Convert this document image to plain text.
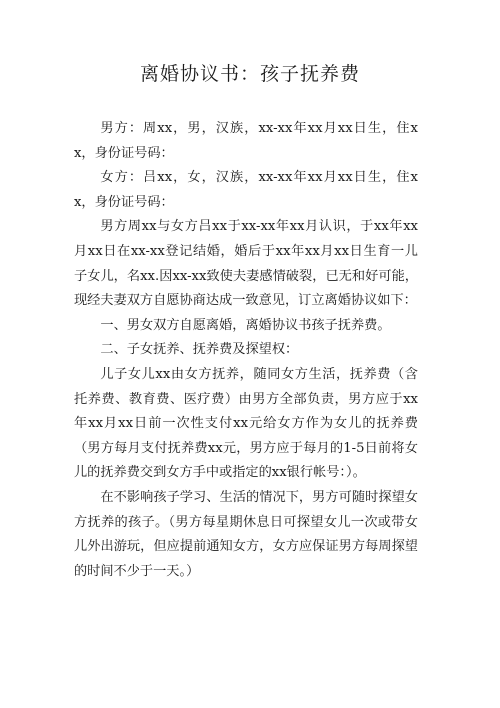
离婚协议书：孩子抚养费

男方：周xx，男，汉族，xx-xx年xx月xx日生，住xx，身份证号码：

女方：吕xx，女，汉族，xx-xx年xx月xx日生，住xx，身份证号码：

男方周xx与女方吕xx于xx-xx年xx月认识，于xx年xx月xx日在xx-xx登记结婚，婚后于xx年xx月xx日生育一儿子女儿，名xx.因xx-xx致使夫妻感情破裂，已无和好可能，现经夫妻双方自愿协商达成一致意见，订立离婚协议如下：

一、男女双方自愿离婚，离婚协议书孩子抚养费。

二、子女抚养、抚养费及探望权：

儿子女儿xx由女方抚养，随同女方生活，抚养费（含托养费、教育费、医疗费）由男方全部负责，男方应于xx年xx月xx日前一次性支付xx元给女方作为女儿的抚养费（男方每月支付抚养费xx元，男方应于每月的1-5日前将女儿的抚养费交到女方手中或指定的xx银行帐号：）。

在不影响孩子学习、生活的情况下，男方可随时探望女方抚养的孩子。（男方每星期休息日可探望女儿一次或带女儿外出游玩，但应提前通知女方，女方应保证男方每周探望的时间不少于一天。）
